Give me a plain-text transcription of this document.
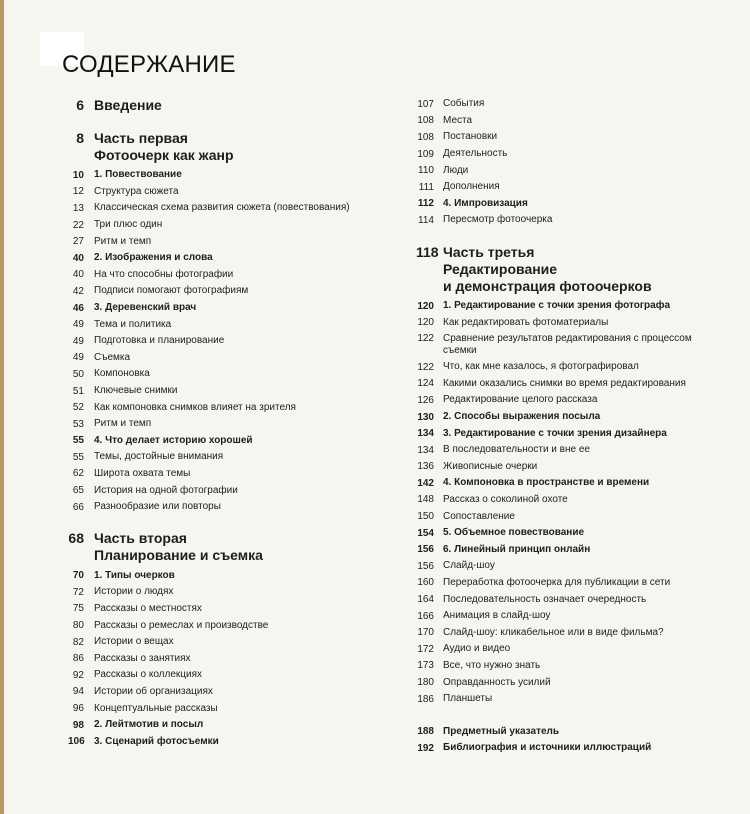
СОДЕРЖАНИЕ
6 Введение
8 Часть первая
Фотоочерк как жанр
10 1. Повествование
12 Структура сюжета
13 Классическая схема развития сюжета (повествования)
22 Три плюс один
27 Ритм и темп
40 2. Изображения и слова
40 На что способны фотографии
42 Подписи помогают фотографиям
46 3. Деревенский врач
49 Тема и политика
49 Подготовка и планирование
49 Съемка
50 Компоновка
51 Ключевые снимки
52 Как компоновка снимков влияет на зрителя
53 Ритм и темп
55 4. Что делает историю хорошей
55 Темы, достойные внимания
62 Широта охвата темы
65 История на одной фотографии
66 Разнообразие или повторы
68 Часть вторая
Планирование и съемка
70 1. Типы очерков
72 Истории о людях
75 Рассказы о местностях
80 Рассказы о ремеслах и производстве
82 Истории о вещах
86 Рассказы о занятиях
92 Рассказы о коллекциях
94 Истории об организациях
96 Концептуальные рассказы
98 2. Лейтмотив и посыл
106 3. Сценарий фотосъемки
107 События
108 Места
108 Постановки
109 Деятельность
110 Люди
111 Дополнения
112 4. Импровизация
114 Пересмотр фотоочерка
118 Часть третья
Редактирование
и демонстрация фотоочерков
120 1. Редактирование с точки зрения фотографа
120 Как редактировать фотоматериалы
122 Сравнение результатов редактирования с процессом
съемки
122 Что, как мне казалось, я фотографировал
124 Какими оказались снимки во время редактирования
126 Редактирование целого рассказа
130 2. Способы выражения посыла
134 3. Редактирование с точки зрения дизайнера
134 В последовательности и вне ее
136 Живописные очерки
142 4. Компоновка в пространстве и времени
148 Рассказ о соколиной охоте
150 Сопоставление
154 5. Объемное повествование
156 6. Линейный принцип онлайн
156 Слайд-шоу
160 Переработка фотоочерка для публикации в сети
164 Последовательность означает очередность
166 Анимация в слайд-шоу
170 Слайд-шоу: кликабельное или в виде фильма?
172 Аудио и видео
173 Все, что нужно знать
180 Оправданность усилий
186 Планшеты
188 Предметный указатель
192 Библиография и источники иллюстраций
